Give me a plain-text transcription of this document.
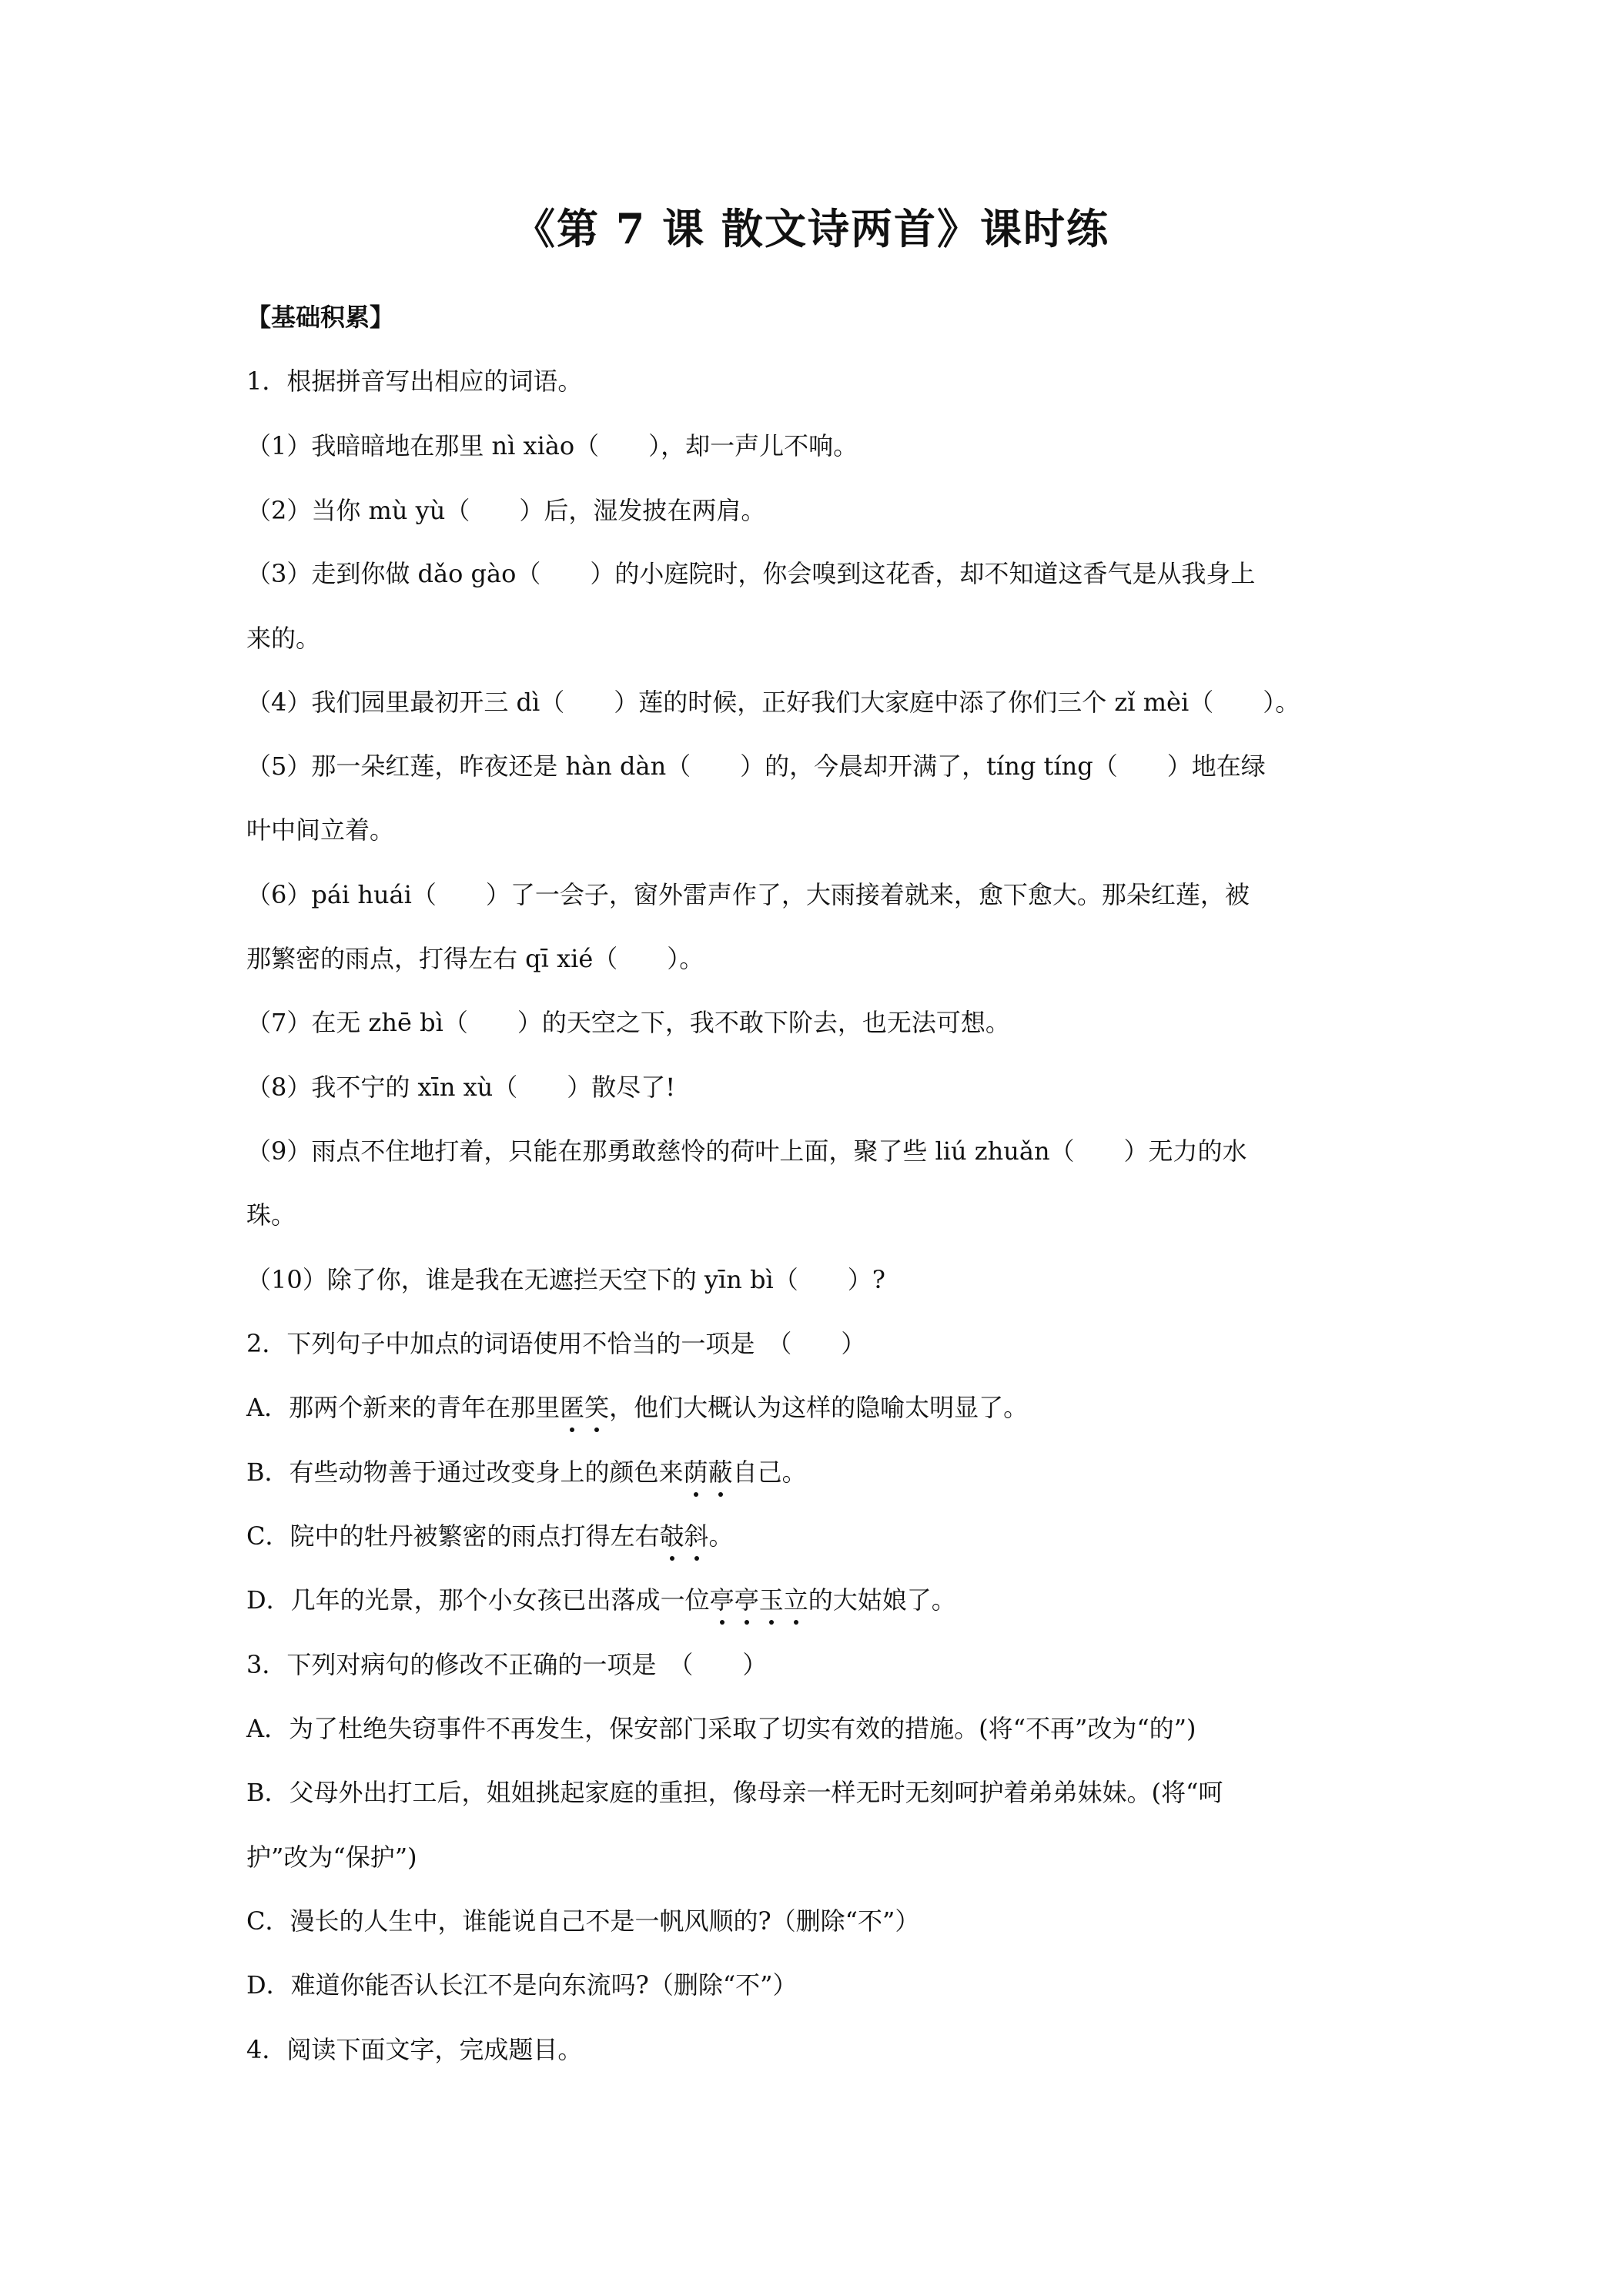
《第 7 课 散文诗两首》课时练
【基础积累】
1．根据拼音写出相应的词语。
（1）我暗暗地在那里 nì xiào（　　），却一声儿不响。
（2）当你 mù yù（　　）后，湿发披在两肩。
（3）走到你做 dǎo gào（　　）的小庭院时，你会嗅到这花香，却不知道这香气是从我身上
来的。
（4）我们园里最初开三 dì（　　）莲的时候，正好我们大家庭中添了你们三个 zǐ mèi（　　）。
（5）那一朵红莲，昨夜还是 hàn dàn（　　）的，今晨却开满了，tíng tíng（　　）地在绿
叶中间立着。
（6）pái huái（　　）了一会子，窗外雷声作了，大雨接着就来，愈下愈大。那朵红莲，被
那繁密的雨点，打得左右 qī xié（　　）。
（7）在无 zhē bì（　　）的天空之下，我不敢下阶去，也无法可想。
（8）我不宁的 xīn xù（　　）散尽了!
（9）雨点不住地打着，只能在那勇敢慈怜的荷叶上面，聚了些 liú zhuǎn（　　）无力的水
珠。
（10）除了你，谁是我在无遮拦天空下的 yīn bì（　　）?
2．下列句子中加点的词语使用不恰当的一项是　（　　）
A．那两个新来的青年在那里匿笑，他们大概认为这样的隐喻太明显了。
B．有些动物善于通过改变身上的颜色来荫蔽自己。
C．院中的牡丹被繁密的雨点打得左右攲斜。
D．几年的光景，那个小女孩已出落成一位亭亭玉立的大姑娘了。
3．下列对病句的修改不正确的一项是　（　　）
A．为了杜绝失窃事件不再发生，保安部门采取了切实有效的措施。(将“不再”改为“的”)
B．父母外出打工后，姐姐挑起家庭的重担，像母亲一样无时无刻呵护着弟弟妹妹。(将“呵
护”改为“保护”)
C．漫长的人生中，谁能说自己不是一帆风顺的?（删除“不”）
D．难道你能否认长江不是向东流吗?（删除“不”）
4．阅读下面文字，完成题目。
